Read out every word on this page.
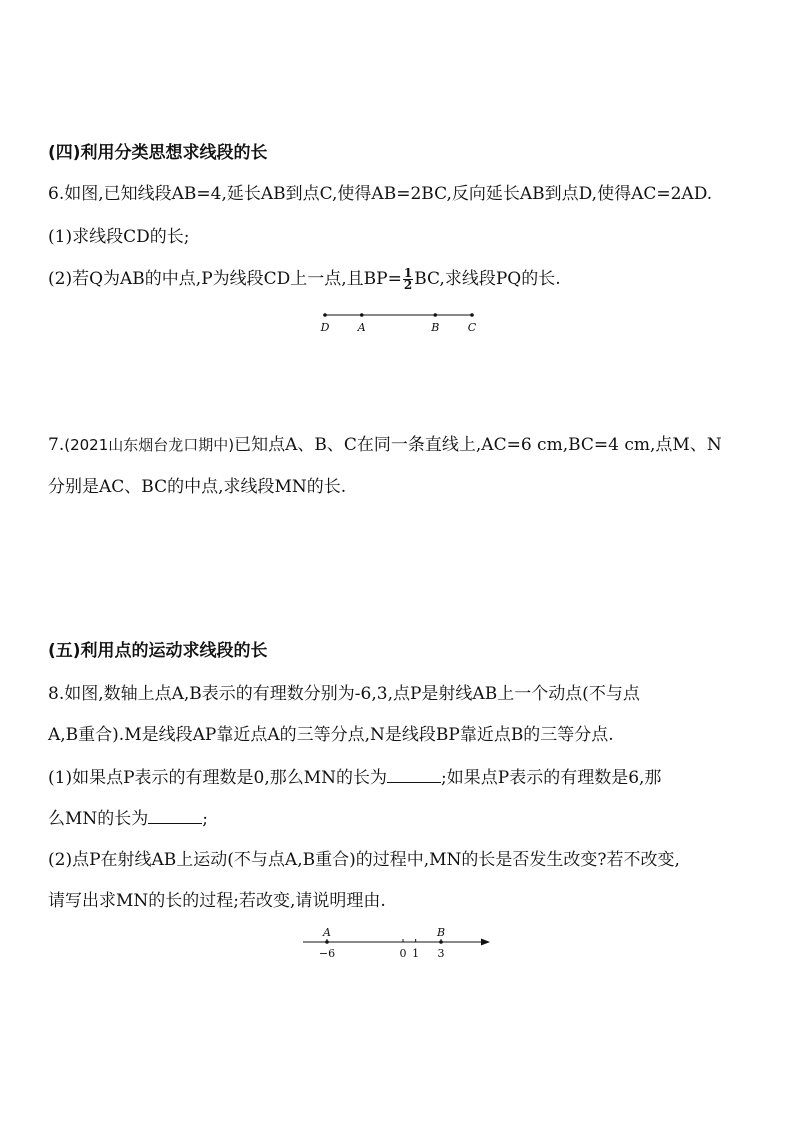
(四)利用分类思想求线段的长
6.如图,已知线段AB=4,延长AB到点C,使得AB=2BC,反向延长AB到点D,使得AC=2AD.
(1)求线段CD的长;
(2)若Q为AB的中点,P为线段CD上一点,且$BP= \frac{1}{2}$ BC,求线段PQ的长.
D	A	B	C
7.(2021山东烟台龙口期中)已知点A、B、C在同一条直线上,AC=6 cm,BC=4 cm,点M、N
分别是AC、BC的中点,求线段MN的长.
(五)利用点的运动求线段的长
8.如图,数轴上点A,B表示的有理数分别为-6,3,点P是射线AB上一个动点(不与点
A,B重合).M是线段AP靠近点A的三等分点,N是线段BP靠近点B的三等分点.
(1)如果点P表示的有理数是0,那么MN的长为	;如果点P表示的有理数是6,那
么MN的长为	;
(2)点P在射线AB上运动(不与点A,B重合)的过程中,MN的长是否发生改变?若不改变,
请写出求MN的长的过程;若改变,请说明理由.
−6	0 1 3
A	B
